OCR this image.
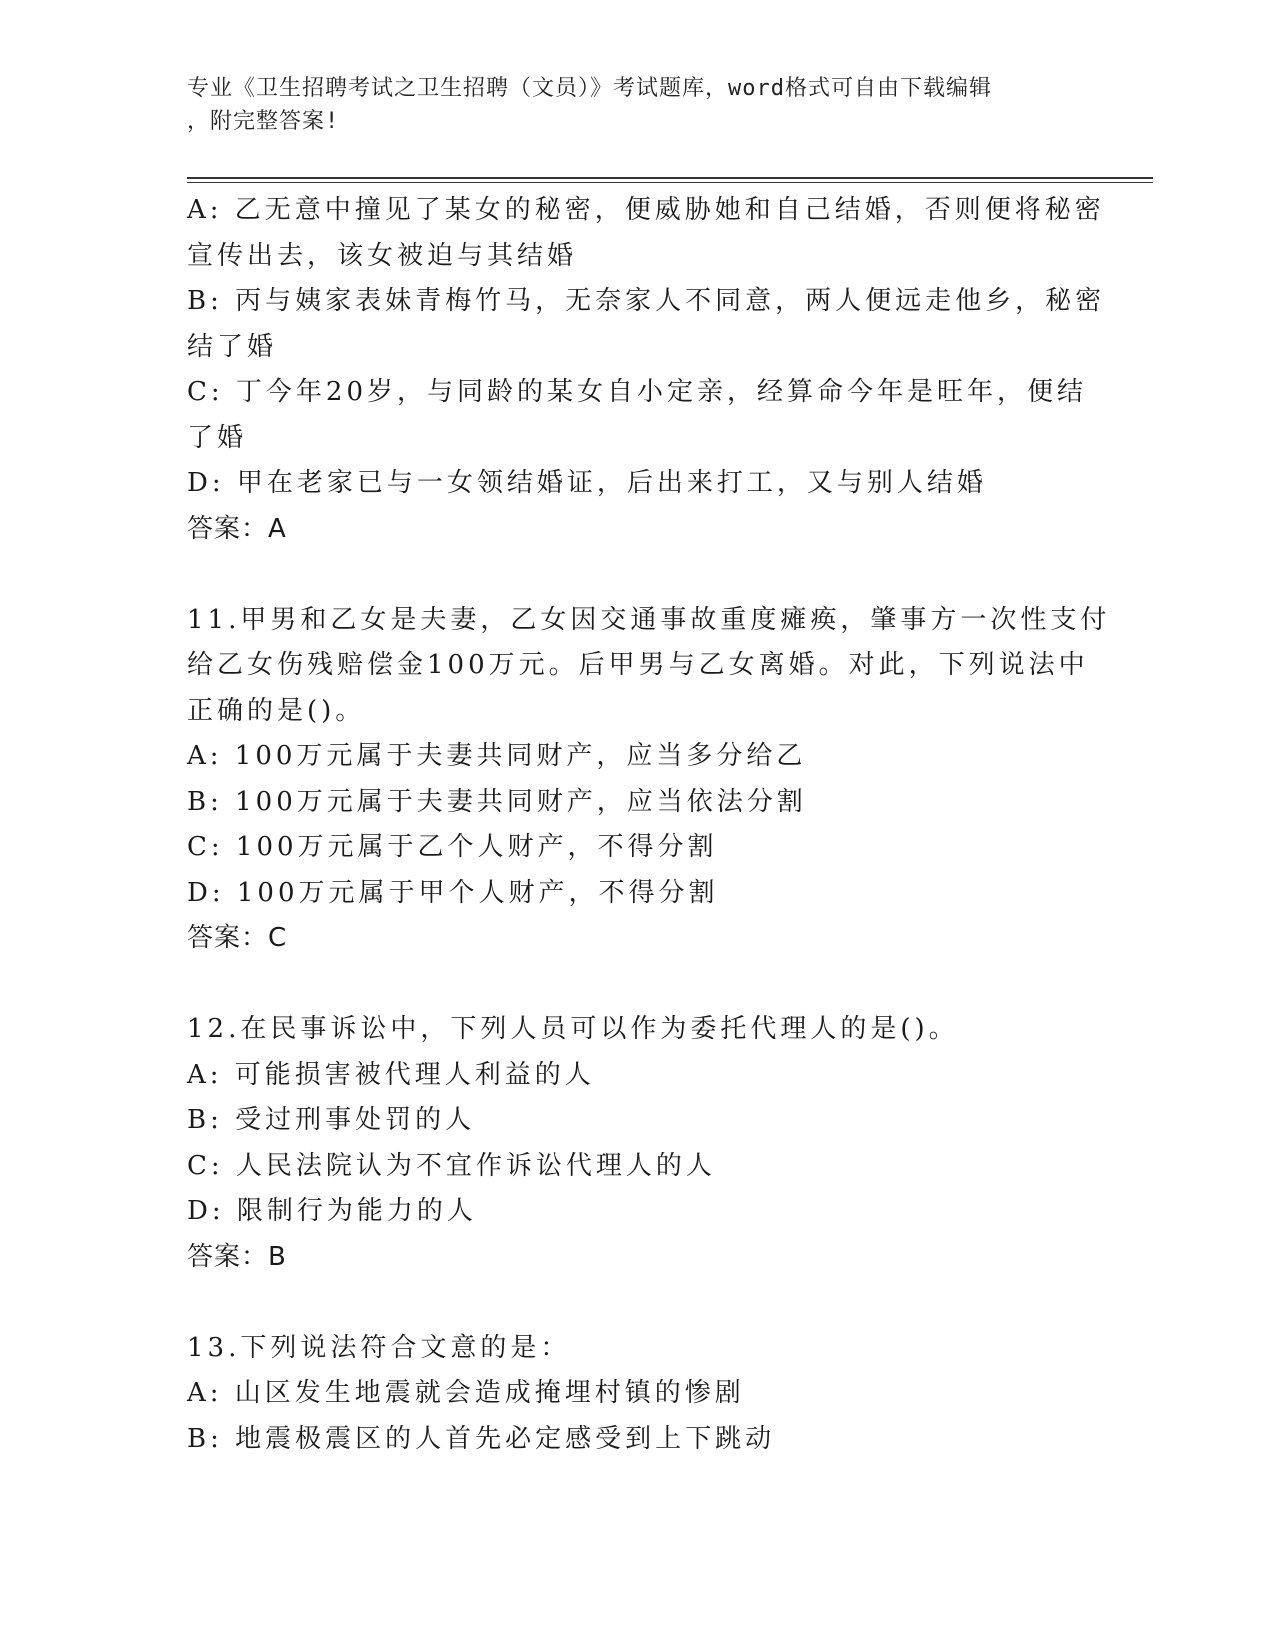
专业《卫生招聘考试之卫生招聘（文员）》考试题库，word格式可自由下载编辑
，附完整答案!
A: 乙无意中撞见了某女的秘密，便威胁她和自己结婚，否则便将秘密
宣传出去，该女被迫与其结婚
B: 丙与姨家表妹青梅竹马，无奈家人不同意，两人便远走他乡，秘密
结了婚
C: 丁今年20岁，与同龄的某女自小定亲，经算命今年是旺年，便结
了婚
D: 甲在老家已与一女领结婚证，后出来打工，又与别人结婚
答案：A
11.甲男和乙女是夫妻，乙女因交通事故重度瘫痪，肇事方一次性支付
给乙女伤残赔偿金100万元。后甲男与乙女离婚。对此，下列说法中
正确的是()。
A: 100万元属于夫妻共同财产，应当多分给乙
B: 100万元属于夫妻共同财产，应当依法分割
C: 100万元属于乙个人财产，不得分割
D: 100万元属于甲个人财产，不得分割
答案：C
12.在民事诉讼中，下列人员可以作为委托代理人的是()。
A: 可能损害被代理人利益的人
B: 受过刑事处罚的人
C: 人民法院认为不宜作诉讼代理人的人
D: 限制行为能力的人
答案：B
13.下列说法符合文意的是：
A: 山区发生地震就会造成掩埋村镇的惨剧
B: 地震极震区的人首先必定感受到上下跳动
